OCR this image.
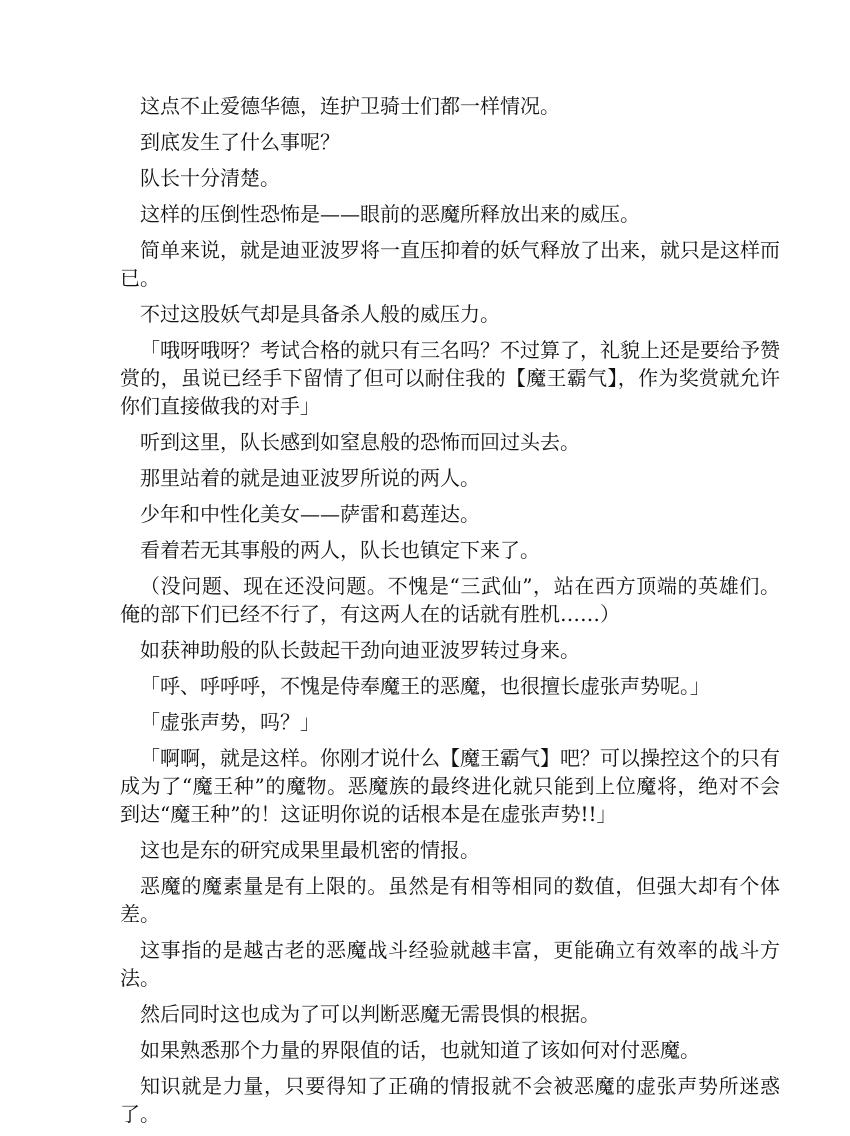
这点不止爱德华德，连护卫骑士们都一样情况。

到底发生了什么事呢？

队长十分清楚。

这样的压倒性恐怖是——眼前的恶魔所释放出来的威压。

简单来说，就是迪亚波罗将一直压抑着的妖气释放了出来，就只是这样而已。

不过这股妖气却是具备杀人般的威压力。

「哦呀哦呀？考试合格的就只有三名吗？不过算了，礼貌上还是要给予赞赏的，虽说已经手下留情了但可以耐住我的【魔王霸气】，作为奖赏就允许你们直接做我的对手」

听到这里，队长感到如窒息般的恐怖而回过头去。

那里站着的就是迪亚波罗所说的两人。

少年和中性化美女——萨雷和葛莲达。

看着若无其事般的两人，队长也镇定下来了。

（没问题、现在还没问题。不愧是“三武仙”，站在西方顶端的英雄们。俺的部下们已经不行了，有这两人在的话就有胜机……）

如获神助般的队长鼓起干劲向迪亚波罗转过身来。

「呼、呼呼呼，不愧是侍奉魔王的恶魔，也很擅长虚张声势呢。」

「虚张声势，吗？」

「啊啊，就是这样。你刚才说什么【魔王霸气】吧？可以操控这个的只有成为了“魔王种”的魔物。恶魔族的最终进化就只能到上位魔将，绝对不会到达“魔王种”的！这证明你说的话根本是在虚张声势!!」

这也是东的研究成果里最机密的情报。

恶魔的魔素量是有上限的。虽然是有相等相同的数值，但强大却有个体差。

这事指的是越古老的恶魔战斗经验就越丰富，更能确立有效率的战斗方法。

然后同时这也成为了可以判断恶魔无需畏惧的根据。

如果熟悉那个力量的界限值的话，也就知道了该如何对付恶魔。

知识就是力量，只要得知了正确的情报就不会被恶魔的虚张声势所迷惑了。
